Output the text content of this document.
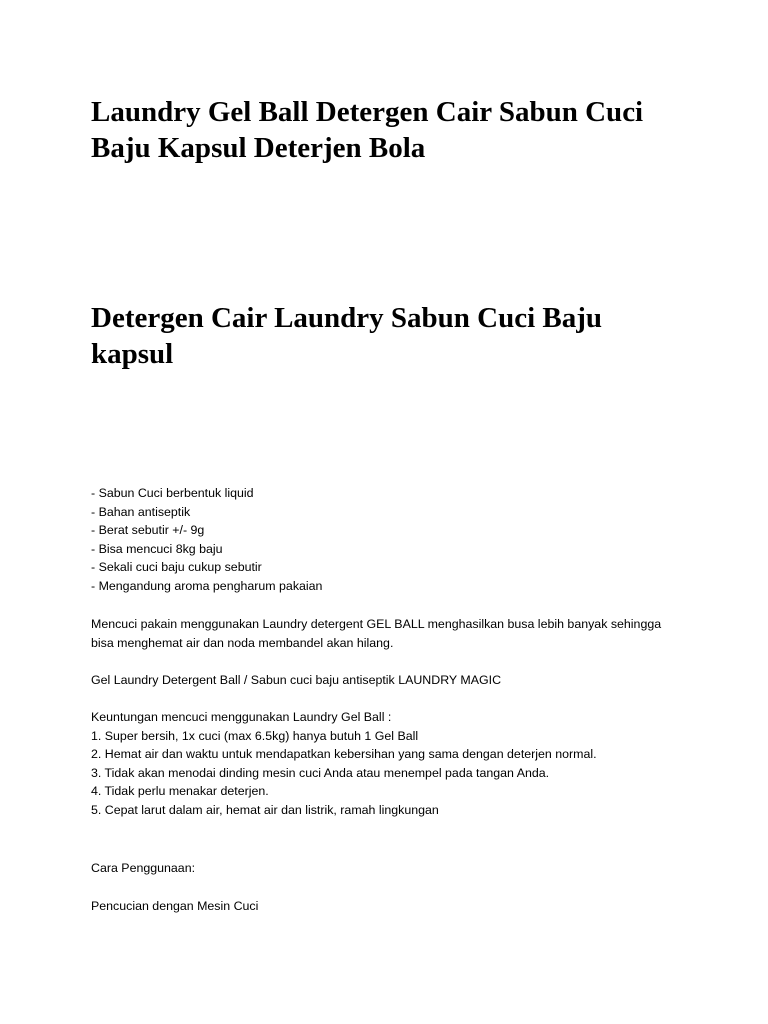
Laundry Gel Ball Detergen Cair Sabun Cuci Baju Kapsul Deterjen Bola
Detergen Cair Laundry Sabun Cuci Baju kapsul
- Sabun Cuci berbentuk liquid
- Bahan antiseptik
- Berat sebutir +/- 9g
- Bisa mencuci 8kg baju
- Sekali cuci baju cukup sebutir
- Mengandung aroma pengharum pakaian
Mencuci pakain menggunakan Laundry detergent GEL BALL menghasilkan busa lebih banyak sehingga
bisa menghemat air dan noda membandel akan hilang.
Gel Laundry Detergent Ball / Sabun cuci baju antiseptik LAUNDRY MAGIC
Keuntungan mencuci menggunakan Laundry Gel Ball :
1. Super bersih, 1x cuci (max 6.5kg) hanya butuh 1 Gel Ball
2. Hemat air dan waktu untuk mendapatkan kebersihan yang sama dengan deterjen normal.
3. Tidak akan menodai dinding mesin cuci Anda atau menempel pada tangan Anda.
4. Tidak perlu menakar deterjen.
5. Cepat larut dalam air, hemat air dan listrik, ramah lingkungan
Cara Penggunaan:
Pencucian dengan Mesin Cuci
